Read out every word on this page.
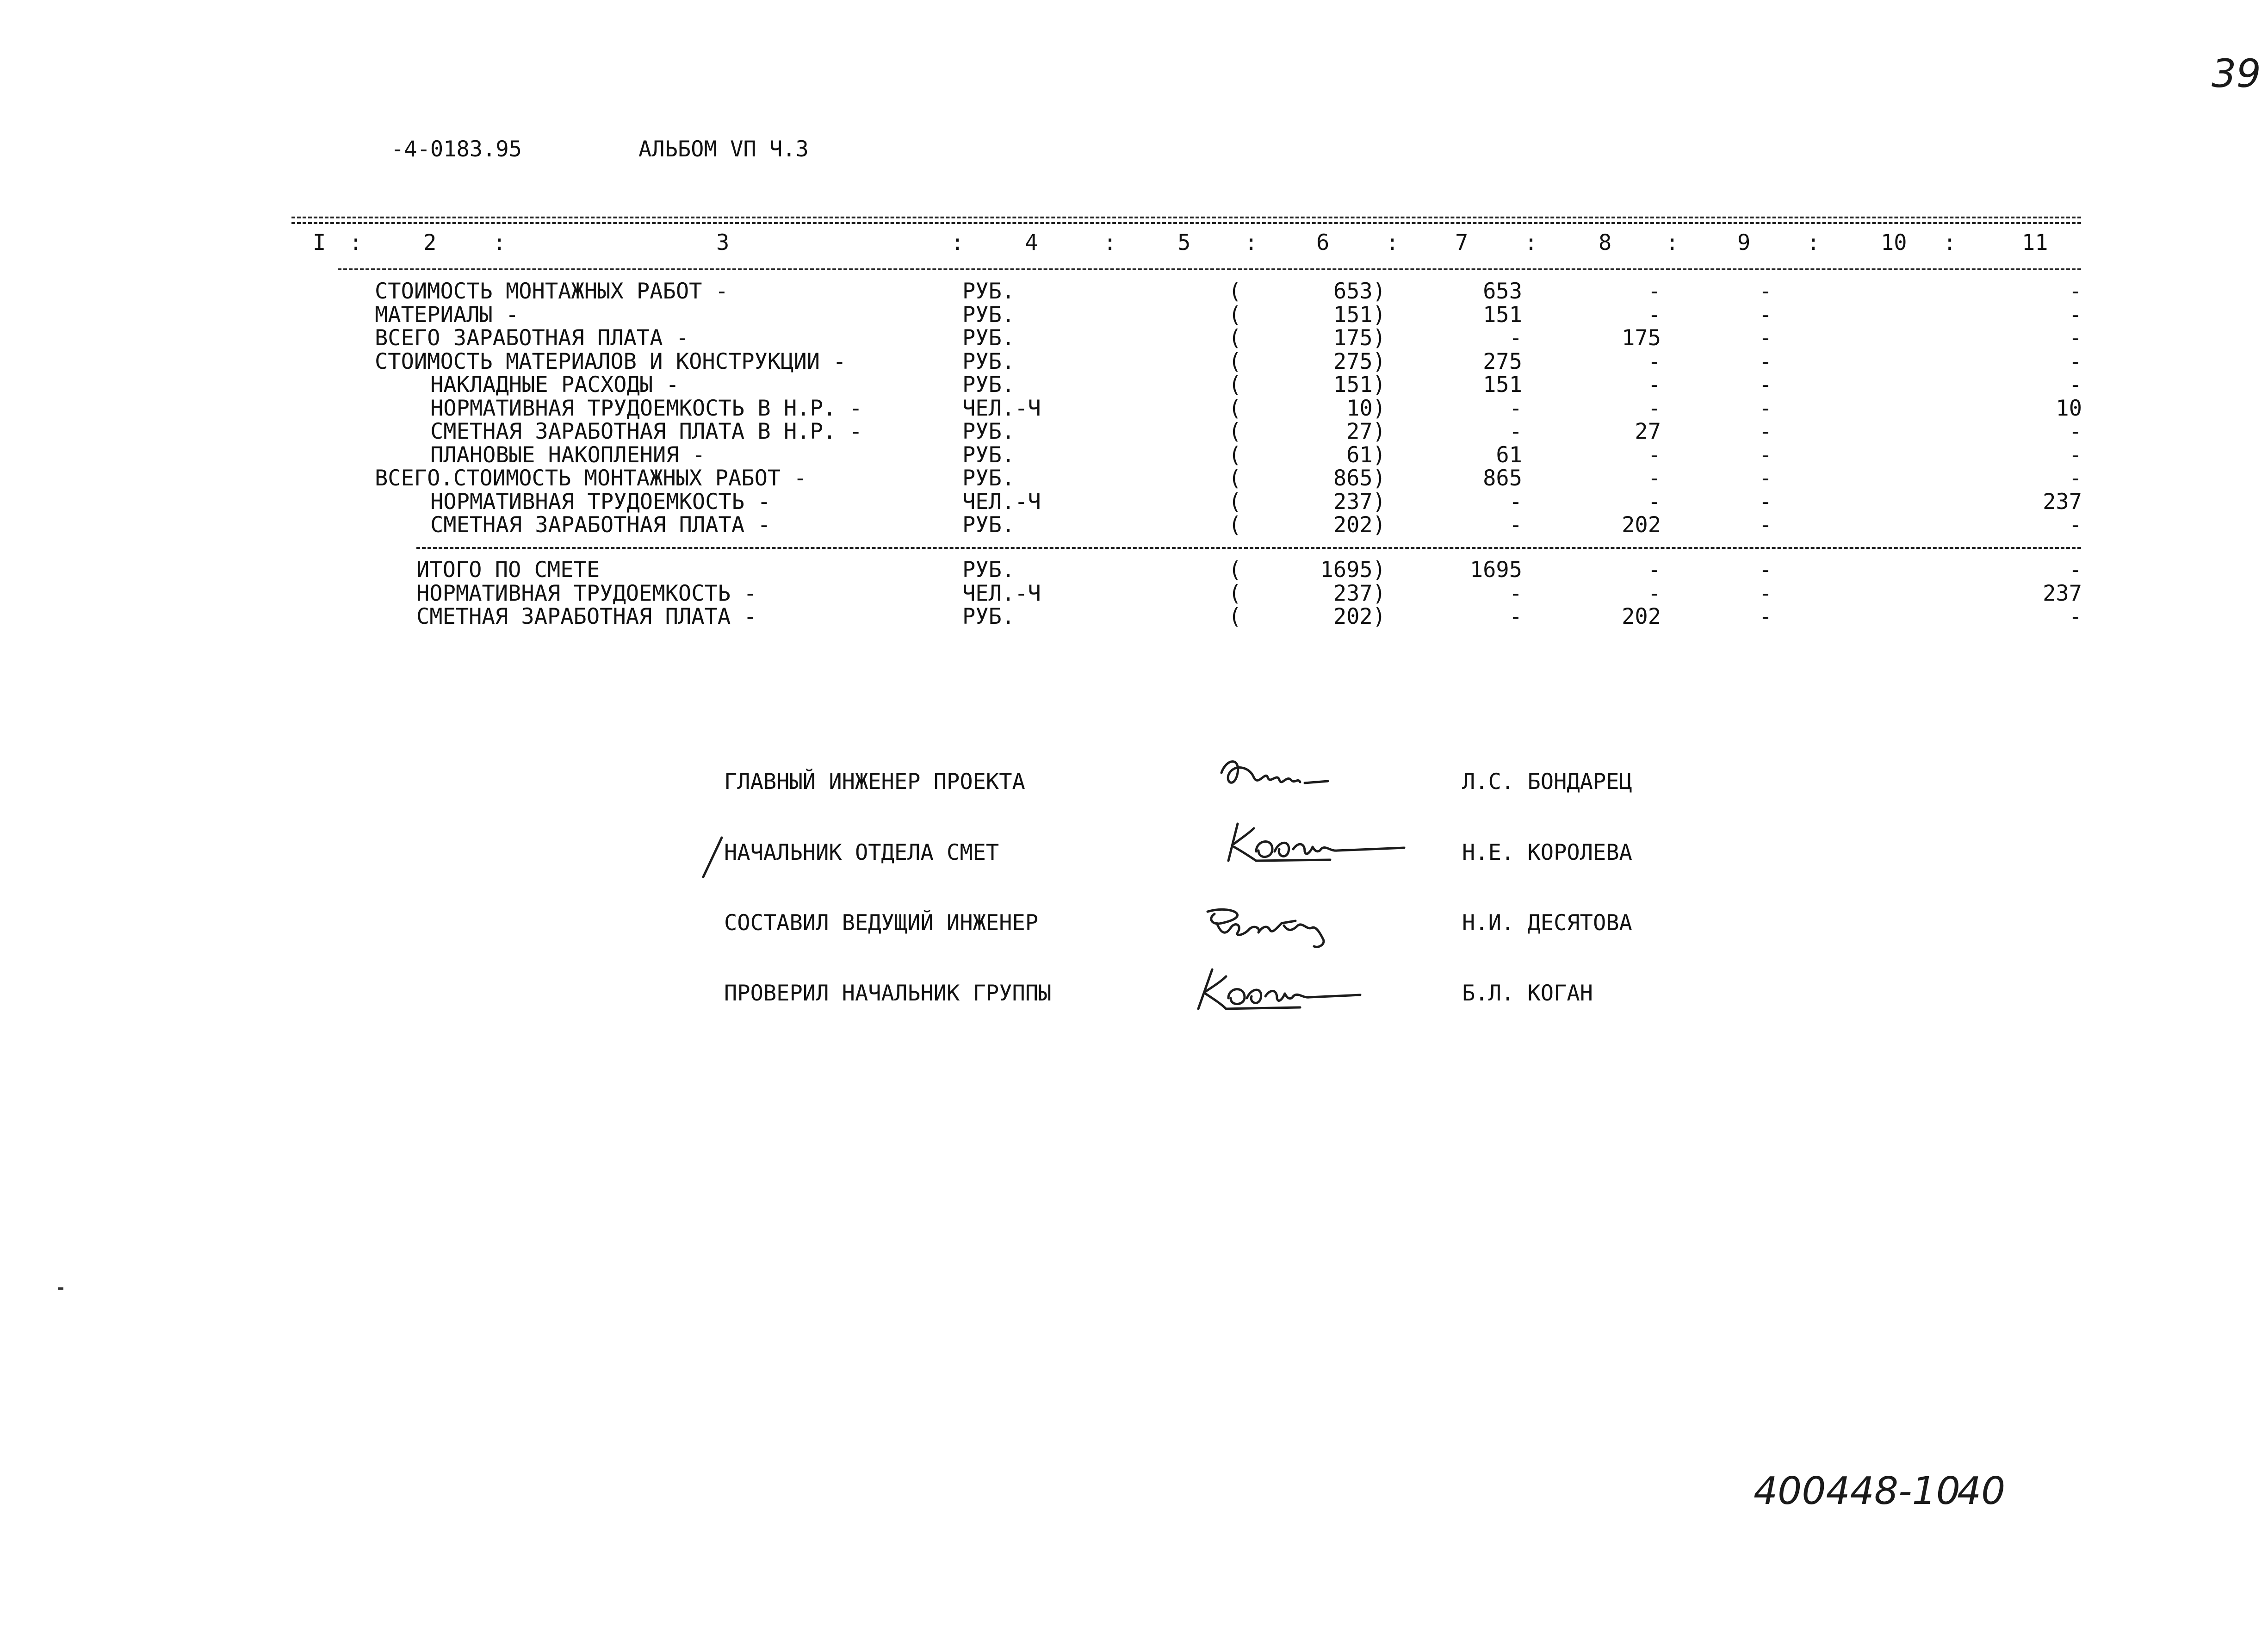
39
-4-0183.95	АЛЬБОМ VП Ч.3
I :	2	:	3	:	4	:	5 :	6	:	7	:	8 :	9	:	10 :	11
СТОИМОСТЬ МОНТАЖНЫХ РАБОТ -	РУБ.	(	653)	653	-	-	-
МАТЕРИАЛЫ -	РУБ.	(	151)	151	-	-	-
ВСЕГО ЗАРАБОТНАЯ ПЛАТА -	РУБ.	(	175)	-	175	-	-
СТОИМОСТЬ МАТЕРИАЛОВ И КОНСТРУКЦИИ -	РУБ.	(	275)	275	-	-	-
НАКЛАДНЫЕ РАСХОДЫ -	РУБ.	(	151)	151	-	-	-
НОРМАТИВНАЯ ТРУДОЕМКОСТЬ В Н.Р. -	ЧЕЛ.-Ч	(	10)	-	-	-	10
СМЕТНАЯ ЗАРАБОТНАЯ ПЛАТА В Н.Р. -	РУБ.	(	27)	-	27	-	-
ПЛАНОВЫЕ НАКОПЛЕНИЯ -	РУБ.	(	61)	61	-	-	-
ВСЕГО.СТОИМОСТЬ МОНТАЖНЫХ РАБОТ -	РУБ.	(	865)	865	-	-	-
НОРМАТИВНАЯ ТРУДОЕМКОСТЬ -	ЧЕЛ.-Ч	(	237)	-	-	-	237
СМЕТНАЯ ЗАРАБОТНАЯ ПЛАТА -	РУБ.	(	202)	-	202	-	-
ИТОГО ПО СМЕТЕ	РУБ.	(	1695)	1695	-	-	-
НОРМАТИВНАЯ ТРУДОЕМКОСТЬ -	ЧЕЛ.-Ч	(	237)	-	-	-	237
СМЕТНАЯ ЗАРАБОТНАЯ ПЛАТА -	РУБ.	(	202)	-	202	-	-
ГЛАВНЫЙ ИНЖЕНЕР ПРОЕКТА	Л.С. БОНДАРЕЦ
НАЧАЛЬНИК ОТДЕЛА СМЕТ	Н.Е. КОРОЛЕВА
СОСТАВИЛ ВЕДУЩИЙ ИНЖЕНЕР	Н.И. ДЕСЯТОВА
ПРОВЕРИЛ НАЧАЛЬНИК ГРУППЫ	Б.Л. КОГАН
400448-10
40
